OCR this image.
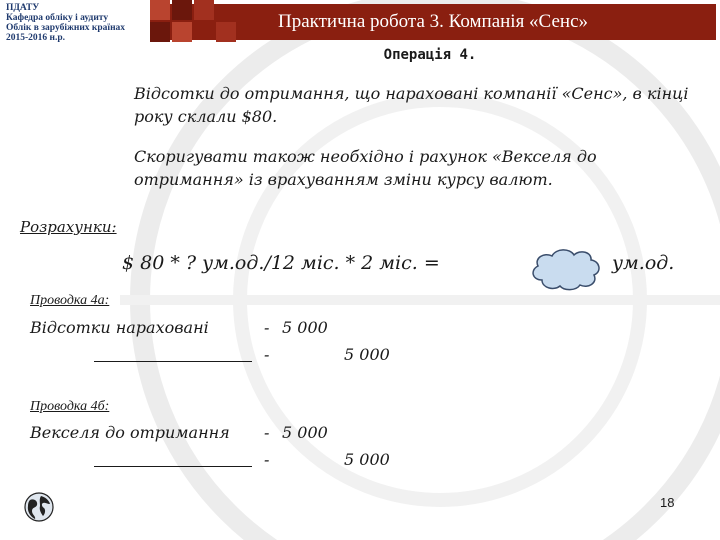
Практична робота 3. Компанія «Сенс»
ПДАТУ
Кафедра обліку і аудиту
Облік в зарубіжних країнах
2015-2016 н.р.
Операція 4.
Відсотки до отримання, що нараховані компанії «Сенс», в кінці року склали $80.
Скоригувати також необхідно і рахунок «Векселя до отримання» із врахуванням зміни курсу валют.
Розрахунки:
$ 80 * ? ум.од./12 міс. * 2 міс. =	ум.од.
Проводка 4а:
Відсотки нараховані	- 5 000
-	5 000
Проводка 4б:
Векселя до отримання - 5 000
-	5 000
18
